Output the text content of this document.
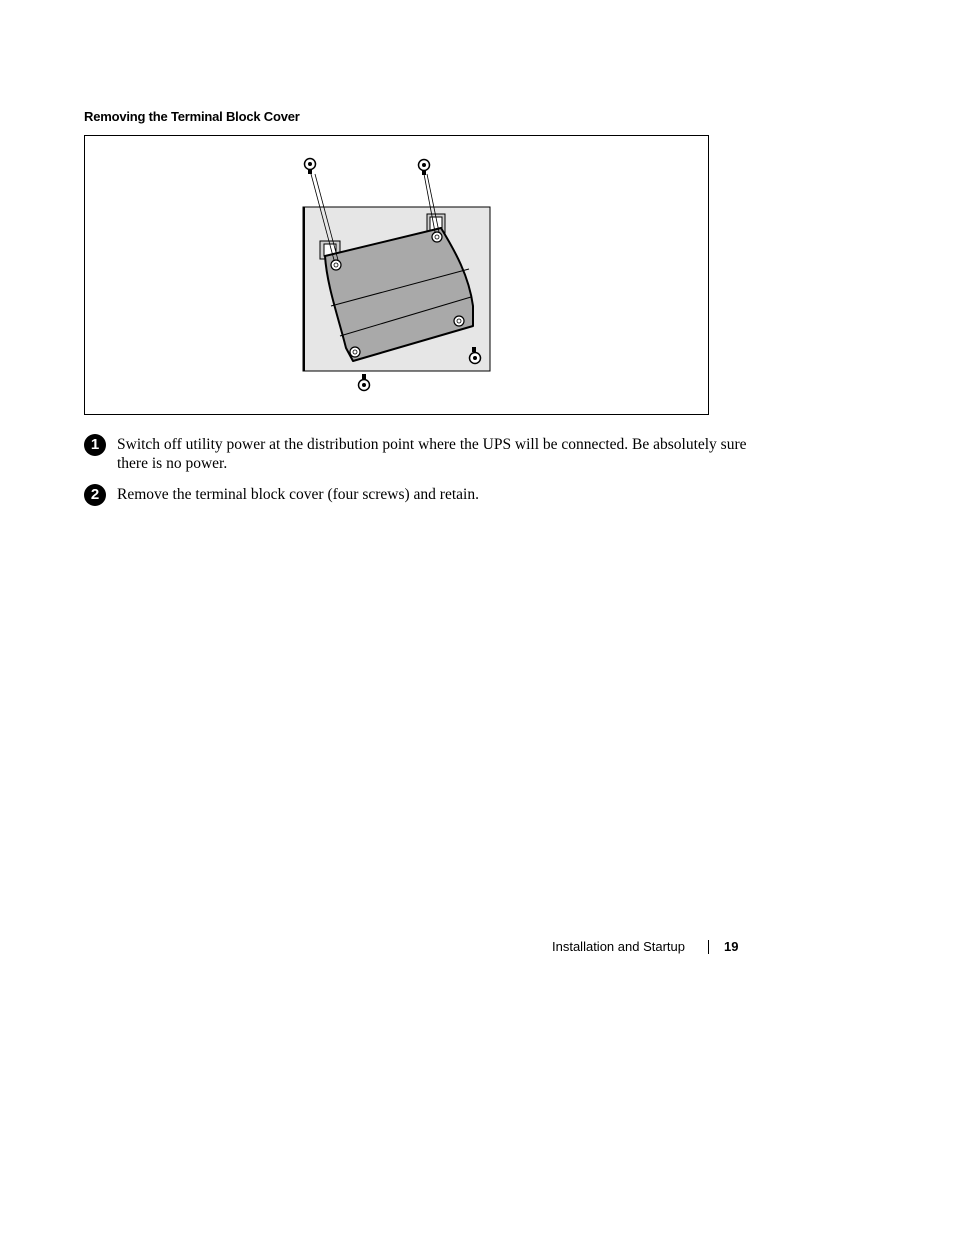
Removing the Terminal Block Cover
1	Switch off utility power at the distribution point where the UPS will be connected. Be absolutely sure there is no power.

2	Remove the terminal block cover (four screws) and retain.

Installation and Startup	19
